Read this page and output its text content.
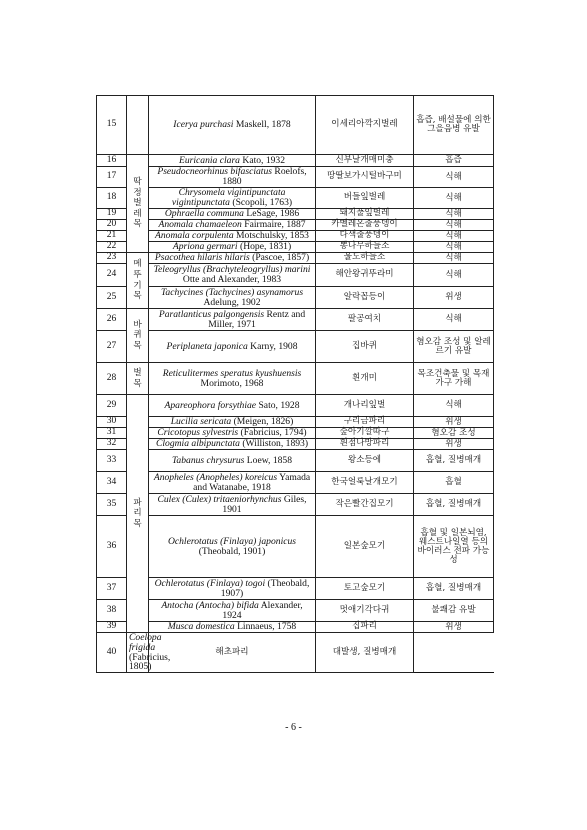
15		Icerya purchasi Maskell, 1878	이세리아깍지벌레	흡즙, 배설물에 의한 그을음병 유발
16	딱정벌레목	Euricania clara Kato, 1932	신부날개매미충	흡즙
17		Pseudocneorhinus bifasciatus Roelofs, 1880	땅딸보가시털바구미	식해
18		Chrysomela vigintipunctata vigintipunctata (Scopoli, 1763)	버들잎벌레	식해
19		Ophraella communa LeSage, 1986	돼지풀잎벌레	식해
20		Anomala chamaeleon Fairmaire, 1887	카멜레온줄풍뎅이	식해
21		Anomala corpulenta Motschulsky, 1853	다색줄풍뎅이	식해
22		Apriona germari (Hope, 1831)	뽕나무하늘소	식해
23	메뚜기목	Psacothea hilaris hilaris (Pascoe, 1857)	울도하늘소	식해
24		Teleogryllus (Brachyteleogryllus) marini Otte and Alexander, 1983	해안왕귀뚜라미	식해
25		Tachycines (Tachycines) asynamorus Adelung, 1902	알락꼽등이	위생
26	바퀴목	Paratlanticus palgongensis Rentz and Miller, 1971	팔공여치	식해
27		Periplaneta japonica Karny, 1908	집바퀴	혐오감 조성 및 알레르기 유발
28	벌목	Reticulitermes speratus kyushuensis Morimoto, 1968	흰개미	목조건축물 및 목재가구 가해
29	파리목	Apareophora forsythiae Sato, 1928	개나리잎벌	식해
30		Lucilia sericata (Meigen, 1826)	구리금파리	위생
31		Cricotopus sylvestris (Fabricius, 1794)	숲아기깔따구	혐오감 조성
32		Clogmia albipunctata (Williston, 1893)	흰점나방파리	위생
33		Tabanus chrysurus Loew, 1858	왕소등에	흡혈, 질병매개
34		Anopheles (Anopheles) koreicus Yamada and Watanabe, 1918	한국얼룩날개모기	흡혈
35		Culex (Culex) tritaeniorhynchus Giles, 1901	작은빨간집모기	흡혈, 질병매개
36		Ochlerotatus (Finlaya) japonicus (Theobald, 1901)	일본숲모기	흡혈 및 일본뇌염, 웨스트나일열 등의 바이러스 전파 가능성
37		Ochlerotatus (Finlaya) togoi (Theobald, 1907)	토고숲모기	흡혈, 질병매개
38		Antocha (Antocha) bifida Alexander, 1924	멋애기각다귀	불쾌감 유발
39		Musca domestica Linnaeus, 1758	집파리	위생
40	Coelopa frigida (Fabricius, 1805)	해초파리	대발생, 질병매개	
- 6 -
